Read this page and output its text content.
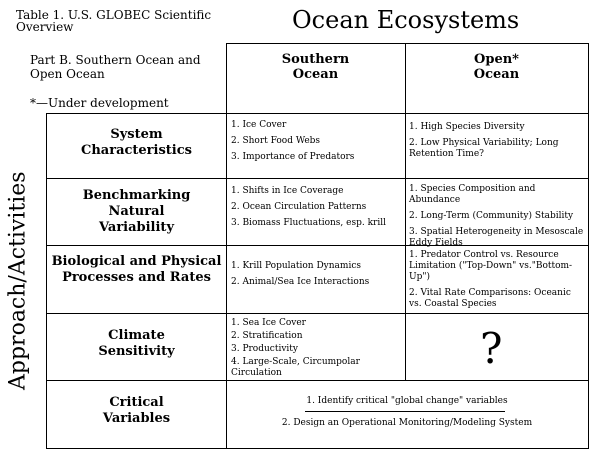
Table 1. U.S. GLOBEC Scientific
Overview	Ocean Ecosystems
Part B. Southern Ocean and
Open Ocean
*—Under development
Approach/Activities
Southern
Ocean
Open*
Ocean
System
Characteristics
1. Ice Cover
2. Short Food Webs
3. Importance of Predators
1. High Species Diversity
2. Low Physical Variability; Long Retention Time?
Benchmarking
Natural
Variability
1. Shifts in Ice Coverage
2. Ocean Circulation Patterns
3. Biomass Fluctuations, esp. krill
1. Species Composition and Abundance
2. Long-Term (Community) Stability
3. Spatial Heterogeneity in Mesoscale Eddy Fields
Biological and Physical
Processes and Rates
1. Krill Population Dynamics
2. Animal/Sea Ice Interactions
1. Predator Control vs. Resource Limitation ("Top-Down" vs."Bottom-Up")
2. Vital Rate Comparisons: Oceanic vs. Coastal Species
Climate
Sensitivity
1. Sea Ice Cover
2. Stratification
3. Productivity
4. Large-Scale, Circumpolar Circulation	?
Critical
Variables
1. Identify critical "global change" variables
2. Design an Operational Monitoring/Modeling System
